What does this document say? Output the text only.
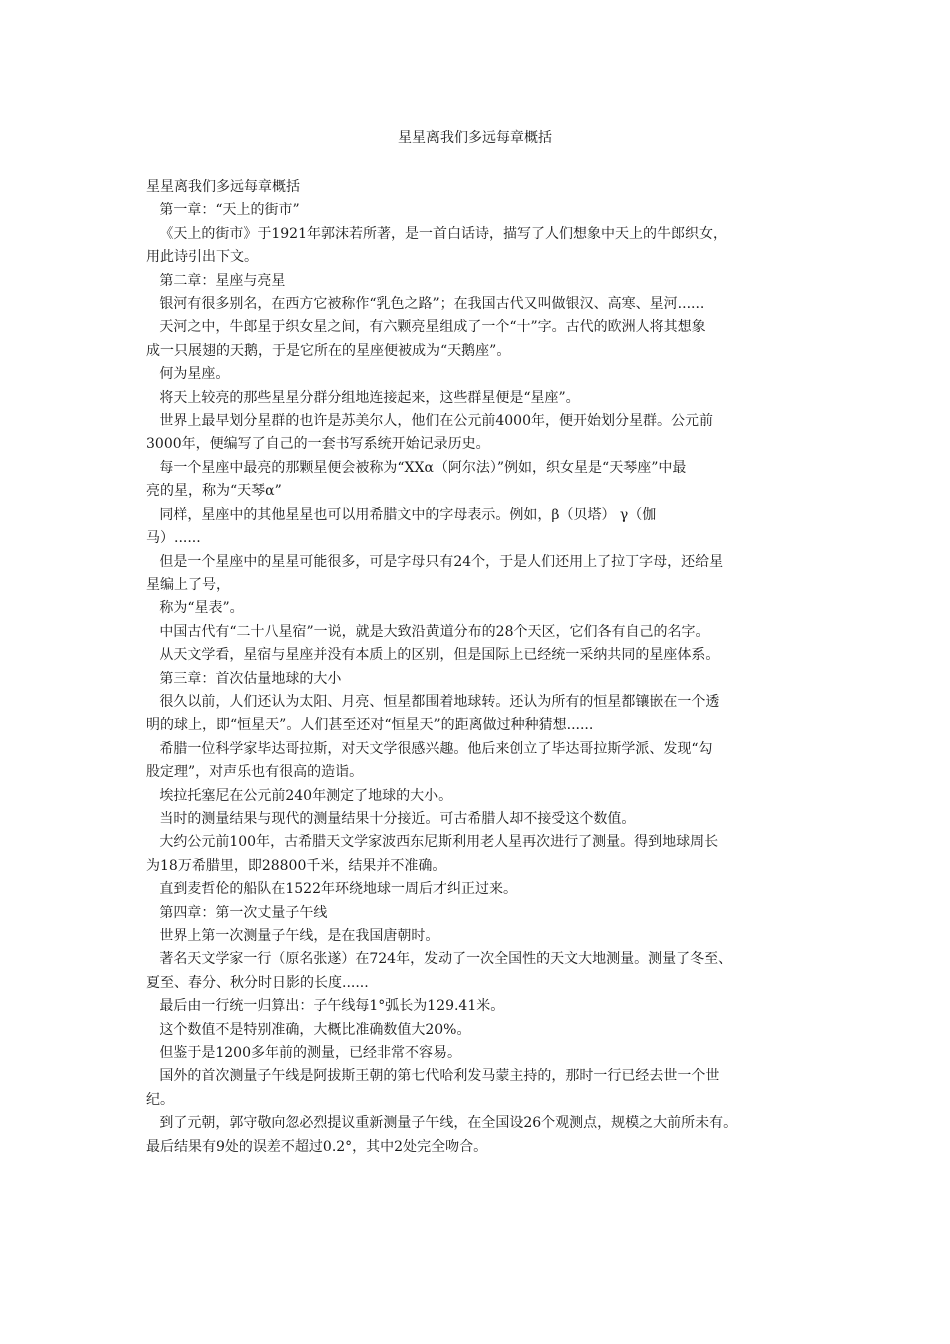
星星离我们多远每章概括

星星离我们多远每章概括

第一章：“天上的街市”

《天上的街市》于1921年郭沫若所著，是一首白话诗，描写了人们想象中天上的牛郎织女，

用此诗引出下文。

第二章：星座与亮星

银河有很多别名，在西方它被称作“乳色之路”；在我国古代又叫做银汉、高寒、星河......

天河之中，牛郎星于织女星之间，有六颗亮星组成了一个“十”字。古代的欧洲人将其想象

成一只展翅的天鹅，于是它所在的星座便被成为“天鹅座”。

何为星座。

将天上较亮的那些星星分群分组地连接起来，这些群星便是“星座”。

世界上最早划分星群的也许是苏美尔人，他们在公元前4000年，便开始划分星群。公元前

3000年，便编写了自己的一套书写系统开始记录历史。

每一个星座中最亮的那颗星便会被称为“XXα（阿尔法）”例如，织女星是“天琴座”中最

亮的星，称为“天琴α”

同样，星座中的其他星星也可以用希腊文中的字母表示。例如，β（贝塔） γ（伽

马）......

但是一个星座中的星星可能很多，可是字母只有24个，于是人们还用上了拉丁字母，还给星

星编上了号，

称为“星表”。

中国古代有“二十八星宿”一说，就是大致沿黄道分布的28个天区，它们各有自己的名字。

从天文学看，星宿与星座并没有本质上的区别，但是国际上已经统一采纳共同的星座体系。

第三章：首次估量地球的大小

很久以前，人们还认为太阳、月亮、恒星都围着地球转。还认为所有的恒星都镶嵌在一个透

明的球上，即“恒星天”。人们甚至还对“恒星天”的距离做过种种猜想......

希腊一位科学家毕达哥拉斯，对天文学很感兴趣。他后来创立了毕达哥拉斯学派、发现“勾

股定理”，对声乐也有很高的造诣。

埃拉托塞尼在公元前240年测定了地球的大小。

当时的测量结果与现代的测量结果十分接近。可古希腊人却不接受这个数值。

大约公元前100年，古希腊天文学家波西东尼斯利用老人星再次进行了测量。得到地球周长

为18万希腊里，即28800千米，结果并不准确。

直到麦哲伦的船队在1522年环绕地球一周后才纠正过来。

第四章：第一次丈量子午线

世界上第一次测量子午线，是在我国唐朝时。

著名天文学家一行（原名张遂）在724年，发动了一次全国性的天文大地测量。测量了冬至、

夏至、春分、秋分时日影的长度......

最后由一行统一归算出：子午线每1°弧长为129.41米。

这个数值不是特别准确，大概比准确数值大20%。

但鉴于是1200多年前的测量，已经非常不容易。

国外的首次测量子午线是阿拔斯王朝的第七代哈利发马蒙主持的，那时一行已经去世一个世

纪。

到了元朝，郭守敬向忽必烈提议重新测量子午线，在全国设26个观测点，规模之大前所未有。

最后结果有9处的误差不超过0.2°，其中2处完全吻合。
